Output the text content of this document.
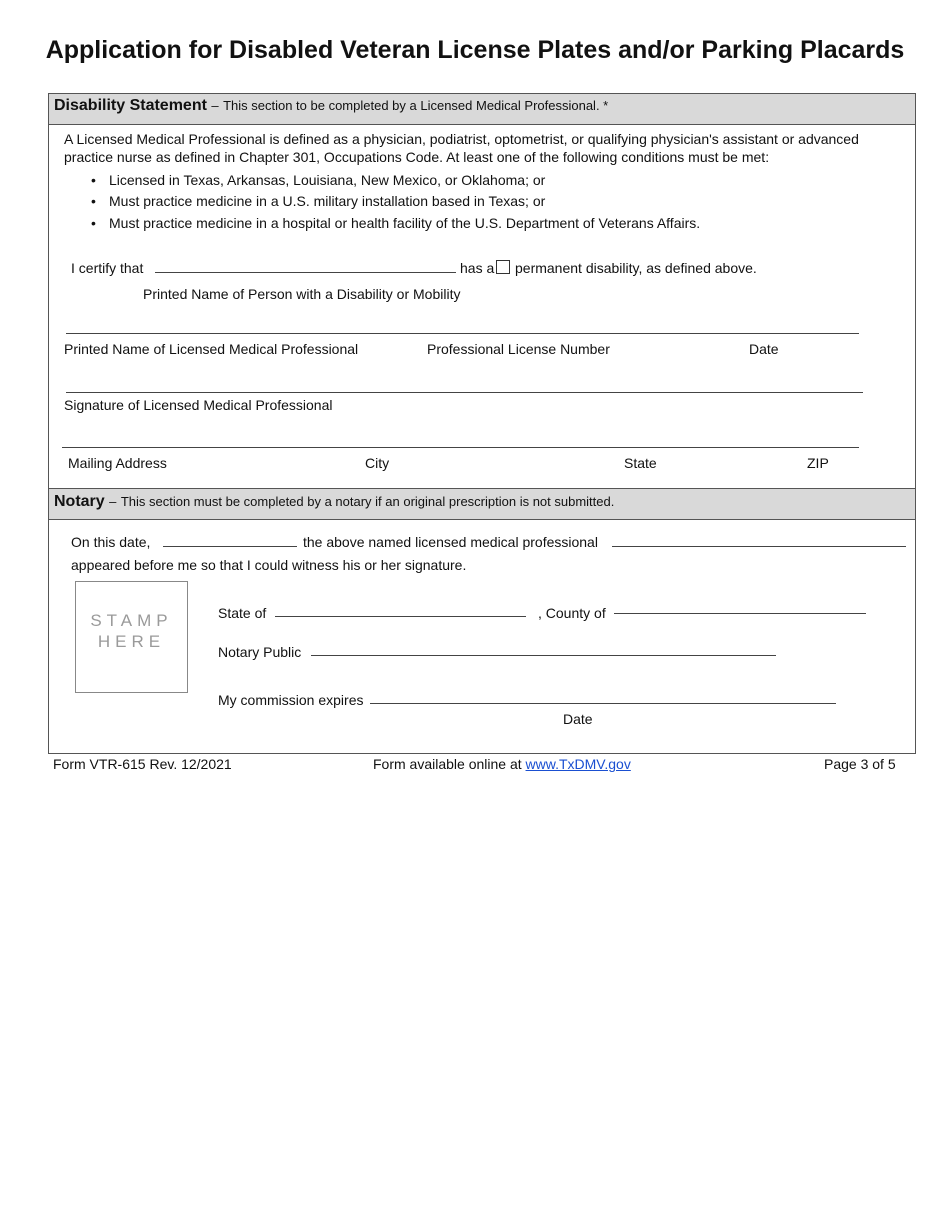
Application for Disabled Veteran License Plates and/or Parking Placards
Disability Statement – This section to be completed by a Licensed Medical Professional. *
A Licensed Medical Professional is defined as a physician, podiatrist, optometrist, or qualifying physician's assistant or advanced
practice nurse as defined in Chapter 301, Occupations Code. At least one of the following conditions must be met:
• Licensed in Texas, Arkansas, Louisiana, New Mexico, or Oklahoma; or
• Must practice medicine in a U.S. military installation based in Texas; or
• Must practice medicine in a hospital or health facility of the U.S. Department of Veterans Affairs.
I certify that	has a permanent disability, as defined above.
Printed Name of Person with a Disability or Mobility
Printed Name of Licensed Medical Professional	Professional License Number	Date
Signature of Licensed Medical Professional
Mailing Address	City	State	ZIP
Notary – This section must be completed by a notary if an original prescription is not submitted.
On this date,	the above named licensed medical professional
appeared before me so that I could witness his or her signature.
STAMP
HERE
State of	, County of
Notary Public
My commission expires
Date
Form VTR-615 Rev. 12/2021	Form available online at www.TxDMV.gov	Page 3 of 5
